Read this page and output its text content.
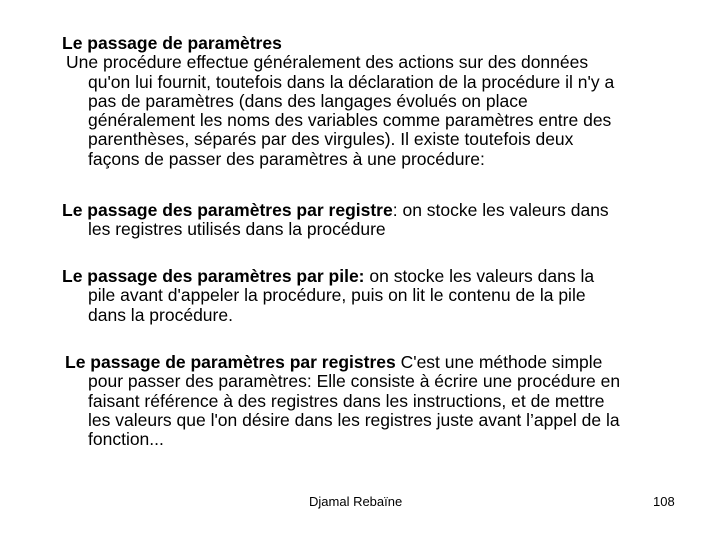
Le passage de paramètres
Une procédure effectue généralement des actions sur des données
qu'on lui fournit, toutefois dans la déclaration de la procédure il n'y a
pas de paramètres (dans des langages évolués on place
généralement les noms des variables comme paramètres entre des
parenthèses, séparés par des virgules). Il existe toutefois deux
façons de passer des paramètres à une procédure:
Le passage des paramètres par registre: on stocke les valeurs dans
les registres utilisés dans la procédure
Le passage des paramètres par pile: on stocke les valeurs dans la
pile avant d'appeler la procédure, puis on lit le contenu de la pile
dans la procédure.
Le passage de paramètres par registres C'est une méthode simple
pour passer des paramètres: Elle consiste à écrire une procédure en
faisant référence à des registres dans les instructions, et de mettre
les valeurs que l'on désire dans les registres juste avant l’appel de la
fonction...
Djamal Rebaïne	108
